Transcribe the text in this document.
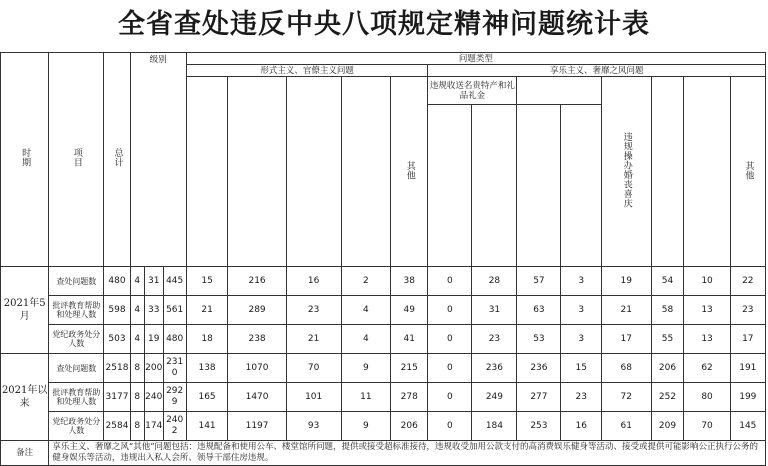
全省查处违反中央八项规定精神问题统计表
时期	项目	总计	级别			问题类型												
						形式主义、官僚主义问题					享乐主义、奢靡之风问题							
										其他	违规收送名贵特产和礼品礼金				违规操办婚丧喜庆			其他

2021年5月	查处问题数	480	4	31	445	15	216	16	2	38	0	28	57	3	19	54	10	22
	批评教育帮助和处理人数	598	4	33	561	21	289	23	4	49	0	31	63	3	21	58	13	23
	党纪政务处分人数	503	4	19	480	18	238	21	4	41	0	23	53	3	17	55	13	17
2021年以来	查处问题数	2518	8	200	2310	138	1070	70	9	215	0	236	236	15	68	206	62	191
	批评教育帮助和处理人数	3177	8	240	2929	165	1470	101	11	278	0	249	277	23	72	252	80	199
	党纪政务处分人数	2584	8	174	2402	141	1197	93	9	206	0	184	253	16	61	209	70	145
备注	享乐主义、奢靡之风“其他”问题包括：违规配备和使用公车、楼堂馆所问题，提供或接受超标准接待，违规收受加用公款支付的高消费娱乐健身等活动、接受或提供可能影响公正执行公务的健身娱乐等活动，违规出入私人会所、领导干部住房违规。																	
